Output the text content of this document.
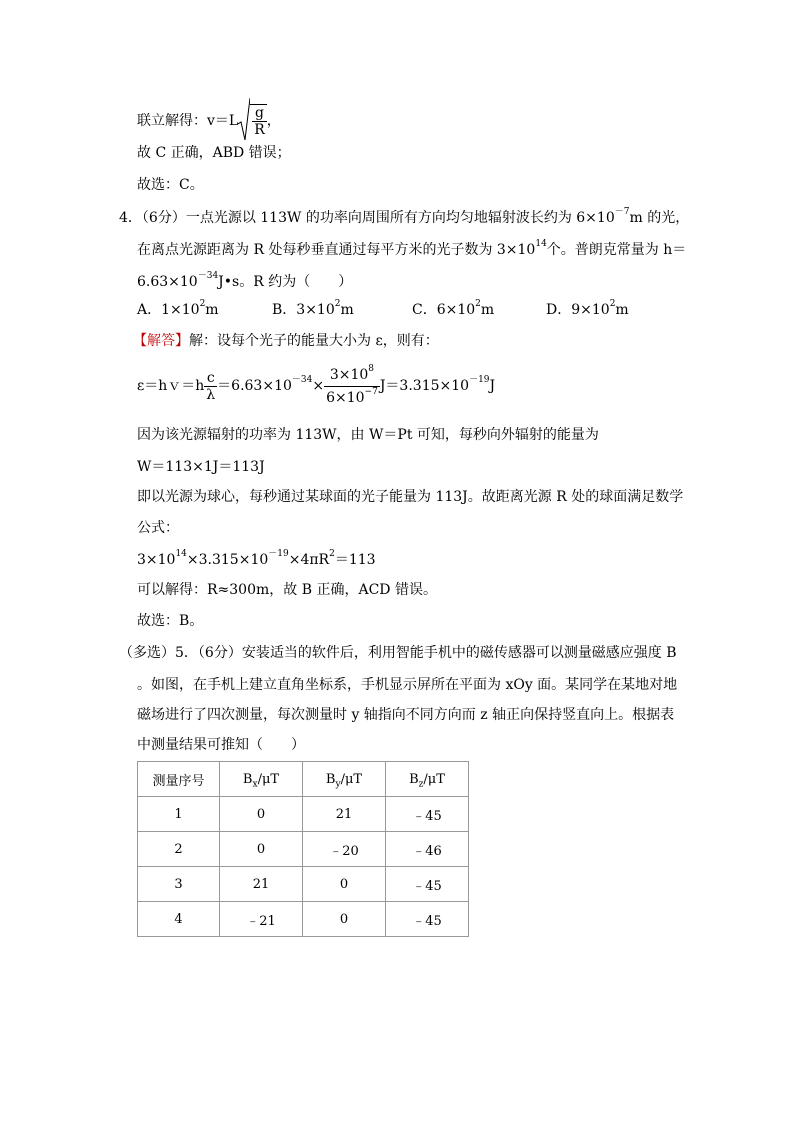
联立解得：$v=L \frac{g}{R}$ ，
故 C 正确，ABD 错误；
故选：C。
4．（6分）一点光源以 113W 的功率向周围所有方向均匀地辐射波长约为 $6\times 10^{-7}m$ 的光，
在离点光源距离为 R 处每秒垂直通过每平方米的光子数为 $3\times 10^{14}$个。普朗克常量为 h＝
$6.63\times 10^{-34}J•s$。R 约为（　　）
A．$1\times 10^2m$	B．$3\times 10^2m$	C．$6\times 10^2m$	D．$9\times 10^2m$
【解答】解：设每个光子的能量大小为 ε，则有：
ε＝hｖ＝h $\frac{c}{\lambda} =6.63\times 10^{-34}\times \frac{3\times 10^8}{6\times 10^{-7}} J=3.315\times 10^{-19}J$
因为该光源辐射的功率为 113W，由 W＝Pt 可知，每秒向外辐射的能量为
W＝113×1J＝113J
即以光源为球心，每秒通过某球面的光子能量为 113J。故距离光源 R 处的球面满足数学
公式：
$3\times 10^{14}\times 3.315\times 10^{-19}\times 4\pi R^2=113$
可以解得：R≈300m，故 B 正确，ACD 错误。
故选：B。
（多选）5．（6分）安装适当的软件后，利用智能手机中的磁传感器可以测量磁感应强度 B
。如图，在手机上建立直角坐标系，手机显示屏所在平面为 xOy 面。某同学在某地对地
磁场进行了四次测量，每次测量时 y 轴指向不同方向而 z 轴正向保持竖直向上。根据表
中测量结果可推知（　　）
测量序号	$B_x/\mu T$	$B_y/\mu T$	$B_z/\mu T$
1	0	21	﹣45
2	0	﹣20	﹣46
3	21	0	﹣45
4	﹣21	0	﹣45
